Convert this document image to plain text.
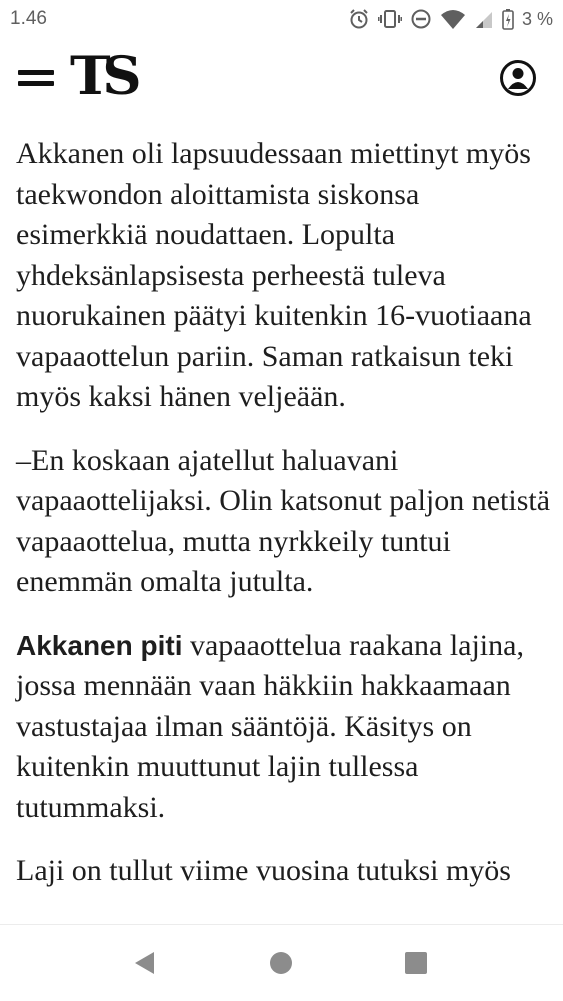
1.46	3 %
TS

Akkanen oli lapsuudessaan miettinyt myös taekwondon aloittamista siskonsa esimerkkiä noudattaen. Lopulta yhdeksänlapsisesta perheestä tuleva nuorukainen päätyi kuitenkin 16-vuotiaana vapaaottelun pariin. Saman ratkaisun teki myös kaksi hänen veljeään.

–En koskaan ajatellut haluavani vapaaottelijaksi. Olin katsonut paljon netistä vapaaottelua, mutta nyrkkeily tuntui enemmän omalta jutulta.

Akkanen piti vapaaottelua raakana lajina, jossa mennään vaan häkkiin hakkaamaan vastustajaa ilman sääntöjä. Käsitys on kuitenkin muuttunut lajin tullessa tutummaksi.

Laji on tullut viime vuosina tutuksi myös
